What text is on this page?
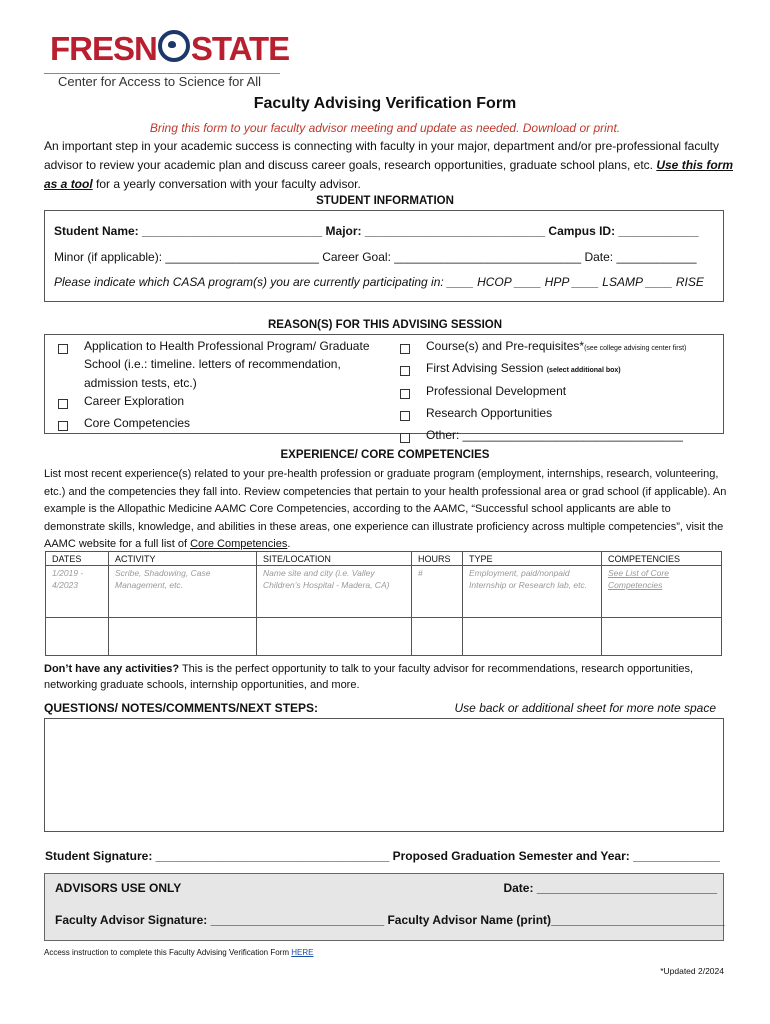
FRESN STATE
Center for Access to Science for All
Faculty Advising Verification Form
Bring this form to your faculty advisor meeting and update as needed. Download or print.
An important step in your academic success is connecting with faculty in your major, department and/or pre-professional faculty advisor to review your academic plan and discuss career goals, research opportunities, graduate school plans, etc. Use this form as a tool for a yearly conversation with your faculty advisor.
STUDENT INFORMATION
Student Name: ___________________________ Major: ___________________________ Campus ID: ____________
Minor (if applicable): _______________________ Career Goal: ____________________________ Date: ____________
Please indicate which CASA program(s) you are currently participating in: ____ HCOP ____ HPP ____ LSAMP ____ RISE
REASON(S) FOR THIS ADVISING SESSION
Application to Health Professional Program/ Graduate School (i.e.: timeline. letters of recommendation, admission tests, etc.)
Career Exploration
Core Competencies
Course(s) and Pre-requisites*(see college advising center first)
First Advising Session (select additional box)
Professional Development
Research Opportunities
Other: _________________________________
EXPERIENCE/ CORE COMPETENCIES
List most recent experience(s) related to your pre-health profession or graduate program (employment, internships, research, volunteering, etc.) and the competencies they fall into. Review competencies that pertain to your health professional area or grad school (if applicable). An example is the Allopathic Medicine AAMC Core Competencies, according to the AAMC, “Successful school applicants are able to demonstrate skills, knowledge, and abilities in these areas, one experience can illustrate proficiency across multiple competencies”, visit the AAMC website for a full list of Core Competencies.
DATES	ACTIVITY	SITE/LOCATION	HOURS	TYPE	COMPETENCIES
1/2019 - 4/2023	Scribe, Shadowing, Case Management, etc.	Name site and city (i.e. Valley Children’s Hospital - Madera, CA)	#	Employment, paid/nonpaid Internship or Research lab, etc.	See List of Core Competencies

Don’t have any activities? This is the perfect opportunity to talk to your faculty advisor for recommendations, research opportunities, networking graduate schools, internship opportunities, and more.
QUESTIONS/ NOTES/COMMENTS/NEXT STEPS:	Use back or additional sheet for more note space
Student Signature: ___________________________________ Proposed Graduation Semester and Year: _____________
ADVISORS USE ONLY	Date: ___________________________
Faculty Advisor Signature: __________________________ Faculty Advisor Name (print)__________________________
Access instruction to complete this Faculty Advising Verification Form HERE
*Updated 2/2024
